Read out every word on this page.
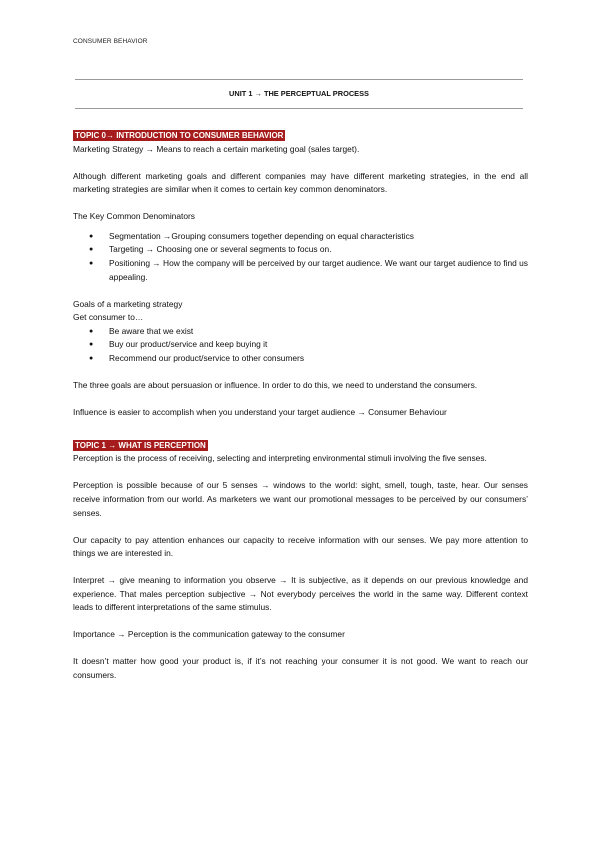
CONSUMER BEHAVIOR
UNIT 1 → THE PERCEPTUAL PROCESS
TOPIC 0→ INTRODUCTION TO CONSUMER BEHAVIOR

Marketing Strategy → Means to reach a certain marketing goal (sales target).

Although different marketing goals and different companies may have different marketing strategies, in the end all marketing strategies are similar when it comes to certain key common denominators.

The Key Common Denominators

● Segmentation →Grouping consumers together depending on equal characteristics
● Targeting → Choosing one or several segments to focus on.
● Positioning → How the company will be perceived by our target audience. We want our target audience to find us appealing.

Goals of a marketing strategy

Get consumer to…

● Be aware that we exist
● Buy our product/service and keep buying it
● Recommend our product/service to other consumers

The three goals are about persuasion or influence. In order to do this, we need to understand the consumers.

Influence is easier to accomplish when you understand your target audience → Consumer Behaviour

TOPIC 1 → WHAT IS PERCEPTION

Perception is the process of receiving, selecting and interpreting environmental stimuli involving the five senses.

Perception is possible because of our 5 senses → windows to the world: sight, smell, tough, taste, hear. Our senses receive information from our world. As marketers we want our promotional messages to be perceived by our consumers’ senses.

Our capacity to pay attention enhances our capacity to receive information with our senses. We pay more attention to things we are interested in.

Interpret → give meaning to information you observe → It is subjective, as it depends on our previous knowledge and experience. That males perception subjective → Not everybody perceives the world in the same way. Different context leads to different interpretations of the same stimulus.

Importance → Perception is the communication gateway to the consumer

It doesn’t matter how good your product is, if it’s not reaching your consumer it is not good. We want to reach our consumers.
